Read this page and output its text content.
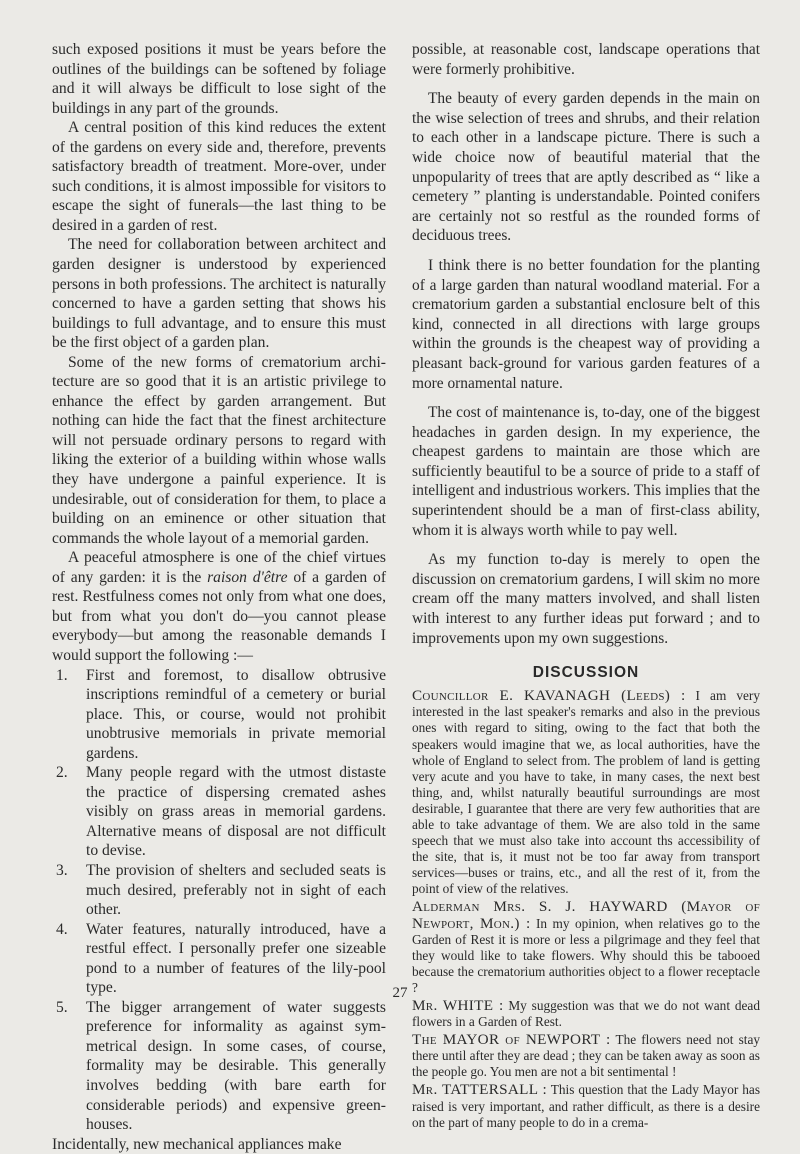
such exposed positions it must be years before the outlines of the buildings can be softened by foliage and it will always be difficult to lose sight of the buildings in any part of the grounds.

A central position of this kind reduces the extent of the gardens on every side and, therefore, prevents satisfactory breadth of treatment. More-over, under such conditions, it is almost impossible for visitors to escape the sight of funerals—the last thing to be desired in a garden of rest.

The need for collaboration between architect and garden designer is understood by experienced persons in both professions. The architect is naturally concerned to have a garden setting that shows his buildings to full advantage, and to ensure this must be the first object of a garden plan.

Some of the new forms of crematorium archi-tecture are so good that it is an artistic privilege to enhance the effect by garden arrangement. But nothing can hide the fact that the finest architecture will not persuade ordinary persons to regard with liking the exterior of a building within whose walls they have undergone a painful experience. It is undesirable, out of consideration for them, to place a building on an eminence or other situation that commands the whole layout of a memorial garden.

A peaceful atmosphere is one of the chief virtues of any garden: it is the raison d'être of a garden of rest. Restfulness comes not only from what one does, but from what you don't do—you cannot please everybody—but among the reasonable demands I would support the following :—

1.	First and foremost, to disallow obtrusive inscriptions remindful of a cemetery or burial place. This, or course, would not prohibit unobtrusive memorials in private memorial gardens.
2.	Many people regard with the utmost distaste the practice of dispersing cremated ashes visibly on grass areas in memorial gardens. Alternative means of disposal are not difficult to devise.
3.	The provision of shelters and secluded seats is much desired, preferably not in sight of each other.
4.	Water features, naturally introduced, have a restful effect. I personally prefer one sizeable pond to a number of features of the lily-pool type.
5.	The bigger arrangement of water suggests preference for informality as against sym-metrical design. In some cases, of course, formality may be desirable. This generally involves bedding (with bare earth for considerable periods) and expensive green-houses.

Incidentally, new mechanical appliances make

possible, at reasonable cost, landscape operations that were formerly prohibitive.

The beauty of every garden depends in the main on the wise selection of trees and shrubs, and their relation to each other in a landscape picture. There is such a wide choice now of beautiful material that the unpopularity of trees that are aptly described as “ like a cemetery ” planting is understandable. Pointed conifers are certainly not so restful as the rounded forms of deciduous trees.

I think there is no better foundation for the planting of a large garden than natural woodland material. For a crematorium garden a substantial enclosure belt of this kind, connected in all directions with large groups within the grounds is the cheapest way of providing a pleasant back-ground for various garden features of a more ornamental nature.

The cost of maintenance is, to-day, one of the biggest headaches in garden design. In my experience, the cheapest gardens to maintain are those which are sufficiently beautiful to be a source of pride to a staff of intelligent and industrious workers. This implies that the superintendent should be a man of first-class ability, whom it is always worth while to pay well.

As my function to-day is merely to open the discussion on crematorium gardens, I will skim no more cream off the many matters involved, and shall listen with interest to any further ideas put forward ; and to improvements upon my own suggestions.

DISCUSSION

Councillor E. KAVANAGH (Leeds) : I am very interested in the last speaker's remarks and also in the previous ones with regard to siting, owing to the fact that both the speakers would imagine that we, as local authorities, have the whole of England to select from. The problem of land is getting very acute and you have to take, in many cases, the next best thing, and, whilst naturally beautiful surroundings are most desirable, I guarantee that there are very few authorities that are able to take advantage of them. We are also told in the same speech that we must also take into account ths accessibility of the site, that is, it must not be too far away from transport services—buses or trains, etc., and all the rest of it, from the point of view of the relatives.

Alderman Mrs. S. J. HAYWARD (Mayor of Newport, Mon.) : In my opinion, when relatives go to the Garden of Rest it is more or less a pilgrimage and they feel that they would like to take flowers. Why should this be tabooed because the crematorium authorities object to a flower receptacle ?

Mr. WHITE : My suggestion was that we do not want dead flowers in a Garden of Rest.

The MAYOR of NEWPORT : The flowers need not stay there until after they are dead ; they can be taken away as soon as the people go. You men are not a bit sentimental !

Mr. TATTERSALL : This question that the Lady Mayor has raised is very important, and rather difficult, as there is a desire on the part of many people to do in a crema-

27
